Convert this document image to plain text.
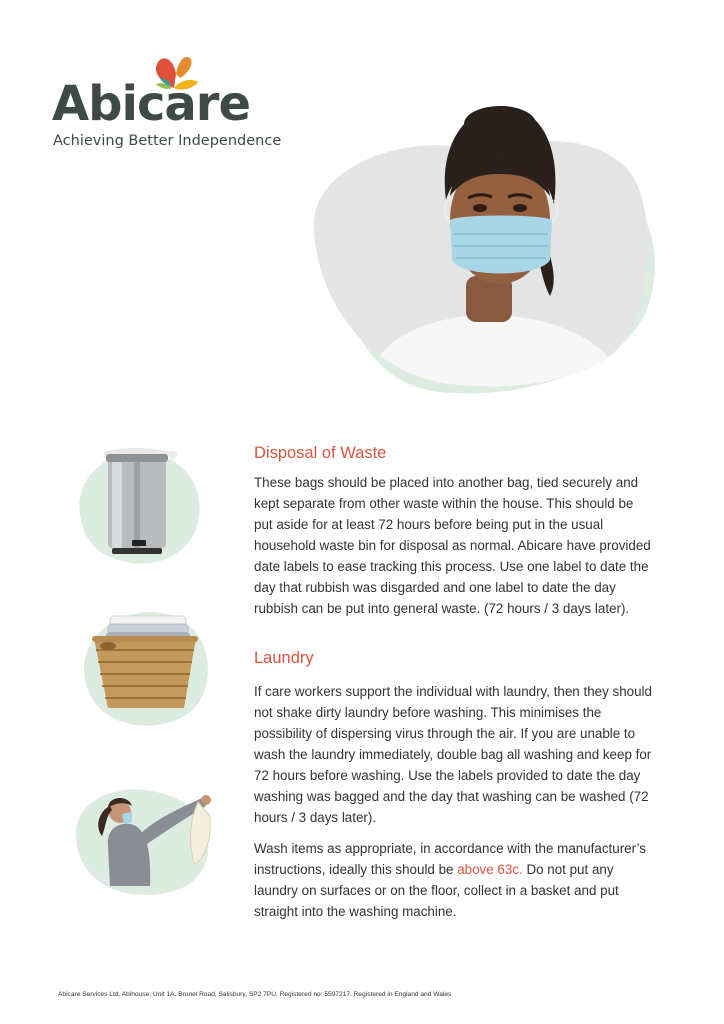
Abicare
Achieving Better Independence
Disposal of Waste

These bags should be placed into another bag, tied securely and kept separate from other waste within the house. This should be put aside for at least 72 hours before being put in the usual household waste bin for disposal as normal. Abicare have provided date labels to ease tracking this process. Use one label to date the day that rubbish was disgarded and one label to date the day rubbish can be put into general waste. (72 hours / 3 days later).

Laundry

If care workers support the individual with laundry, then they should not shake dirty laundry before washing. This minimises the possibility of dispersing virus through the air. If you are unable to wash the laundry immediately, double bag all washing and keep for 72 hours before washing. Use the labels provided to date the day washing was bagged and the day that washing can be washed (72 hours / 3 days later).

Wash items as appropriate, in accordance with the manufacturer’s instructions, ideally this should be above 63c. Do not put any laundry on surfaces or on the floor, collect in a basket and put straight into the washing machine.

Abicare Services Ltd, Abihouse, Unit 1A, Brunel Road, Salisbury, SP2 7PU. Registered no: 5597217. Registered in England and Wales
